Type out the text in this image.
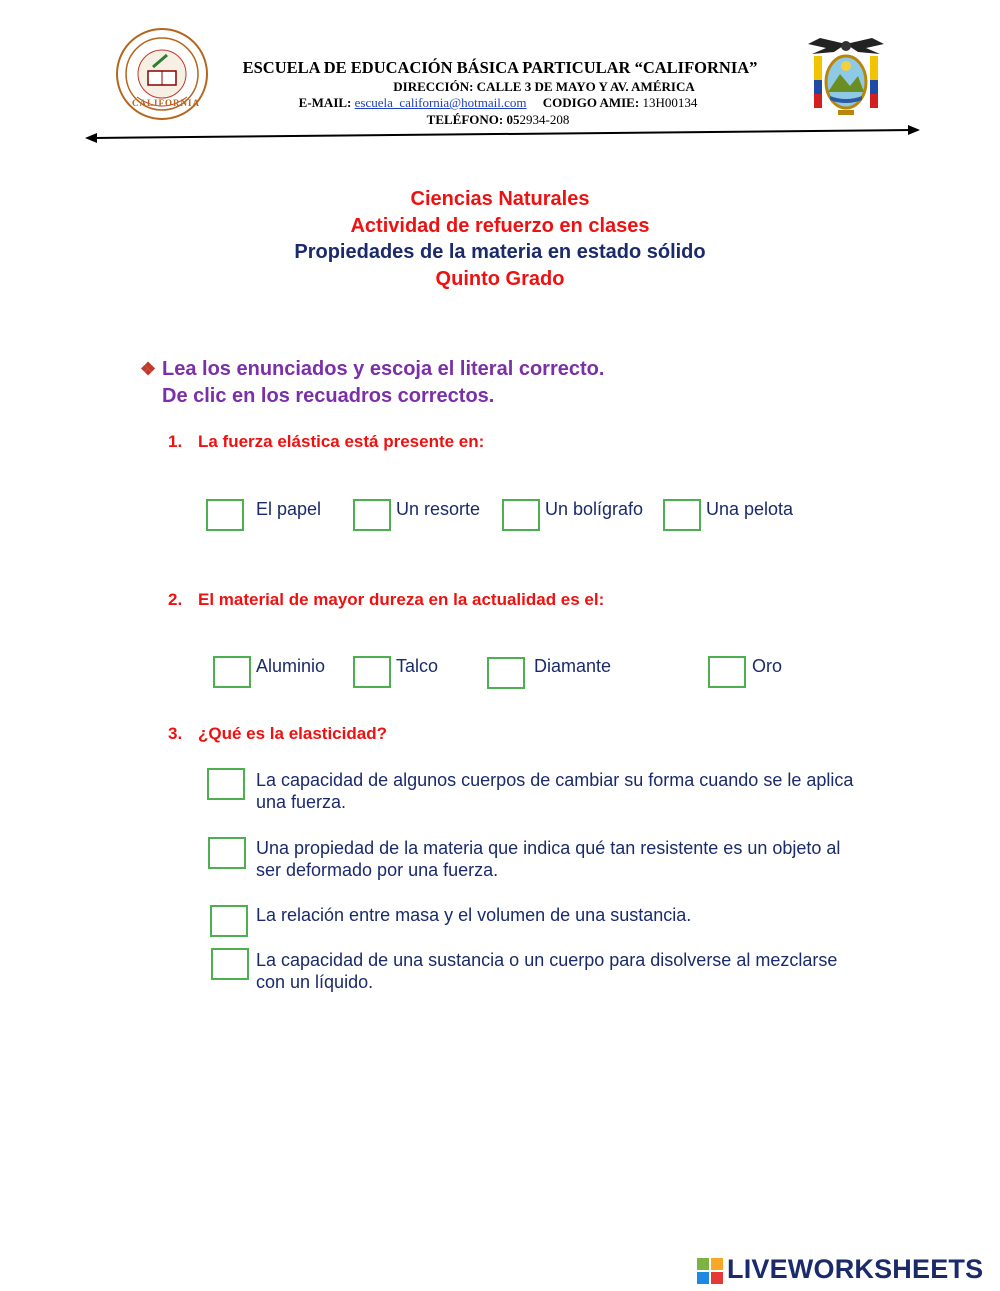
CALIFORNIA
ESCUELA DE EDUCACIÓN BÁSICA PARTICULAR “CALIFORNIA”
DIRECCIÓN: CALLE 3 DE MAYO Y AV. AMÉRICA
E-MAIL: escuela_california@hotmail.com CODIGO AMIE: 13H00134
TELÉFONO: 052934-208
Ciencias Naturales
Actividad de refuerzo en clases
Propiedades de la materia en estado sólido
Quinto Grado
❖ Lea los enunciados y escoja el literal correcto.
De clic en los recuadros correctos.
1. La fuerza elástica está presente en:
El papel	Un resorte	Un bolígrafo	Una pelota
2. El material de mayor dureza en la actualidad es el:
Aluminio	Talco	Diamante	Oro
3. ¿Qué es la elasticidad?
La capacidad de algunos cuerpos de cambiar su forma cuando se le aplica una fuerza.
Una propiedad de la materia que indica qué tan resistente es un objeto al ser deformado por una fuerza.
La relación entre masa y el volumen de una sustancia.
La capacidad de una sustancia o un cuerpo para disolverse al mezclarse con un líquido.
LIVEWORKSHEETS
